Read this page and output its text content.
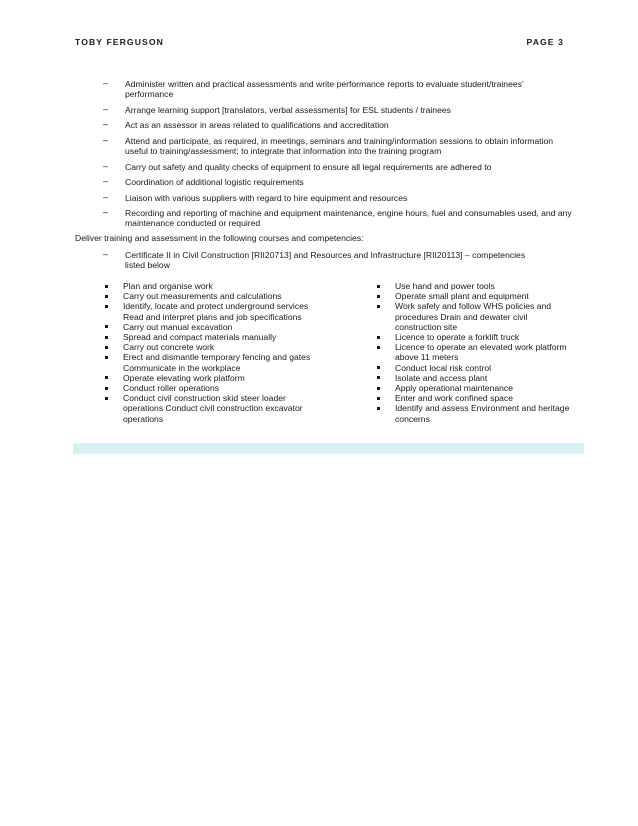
TOBY FERGUSON	PAGE 3
– Administer written and practical assessments and write performance reports to evaluate student/trainees’ performance
– Arrange learning support [translators, verbal assessments] for ESL students / trainees
– Act as an assessor in areas related to qualifications and accreditation
– Attend and participate, as required, in meetings, seminars and training/information sessions to obtain information useful to training/assessment; to integrate that information into the training program
– Carry out safety and quality checks of equipment to ensure all legal requirements are adhered to
– Coordination of additional logistic requirements
– Liaison with various suppliers with regard to hire equipment and resources
– Recording and reporting of machine and equipment maintenance, engine hours, fuel and consumables used, and any maintenance conducted or required
Deliver training and assessment in the following courses and competencies:
– Certificate II in Civil Construction [RII20713] and Resources and Infrastructure [RII20113] – competencies listed below
Plan and organise work
Carry out measurements and calculations
Identify, locate and protect underground services Read and interpret plans and job specifications
Carry out manual excavation
Spread and compact materials manually
Carry out concrete work
Erect and dismantle temporary fencing and gates Communicate in the workplace
Operate elevating work platform
Conduct roller operations
Conduct civil construction skid steer loader operations Conduct civil construction excavator operations
Use hand and power tools
Operate small plant and equipment
Work safely and follow WHS policies and procedures Drain and dewater civil construction site
Licence to operate a forklift truck
Licence to operate an elevated work platform above 11 meters
Conduct local risk control
Isolate and access plant
Apply operational maintenance
Enter and work confined space
Identify and assess Environment and heritage concerns
